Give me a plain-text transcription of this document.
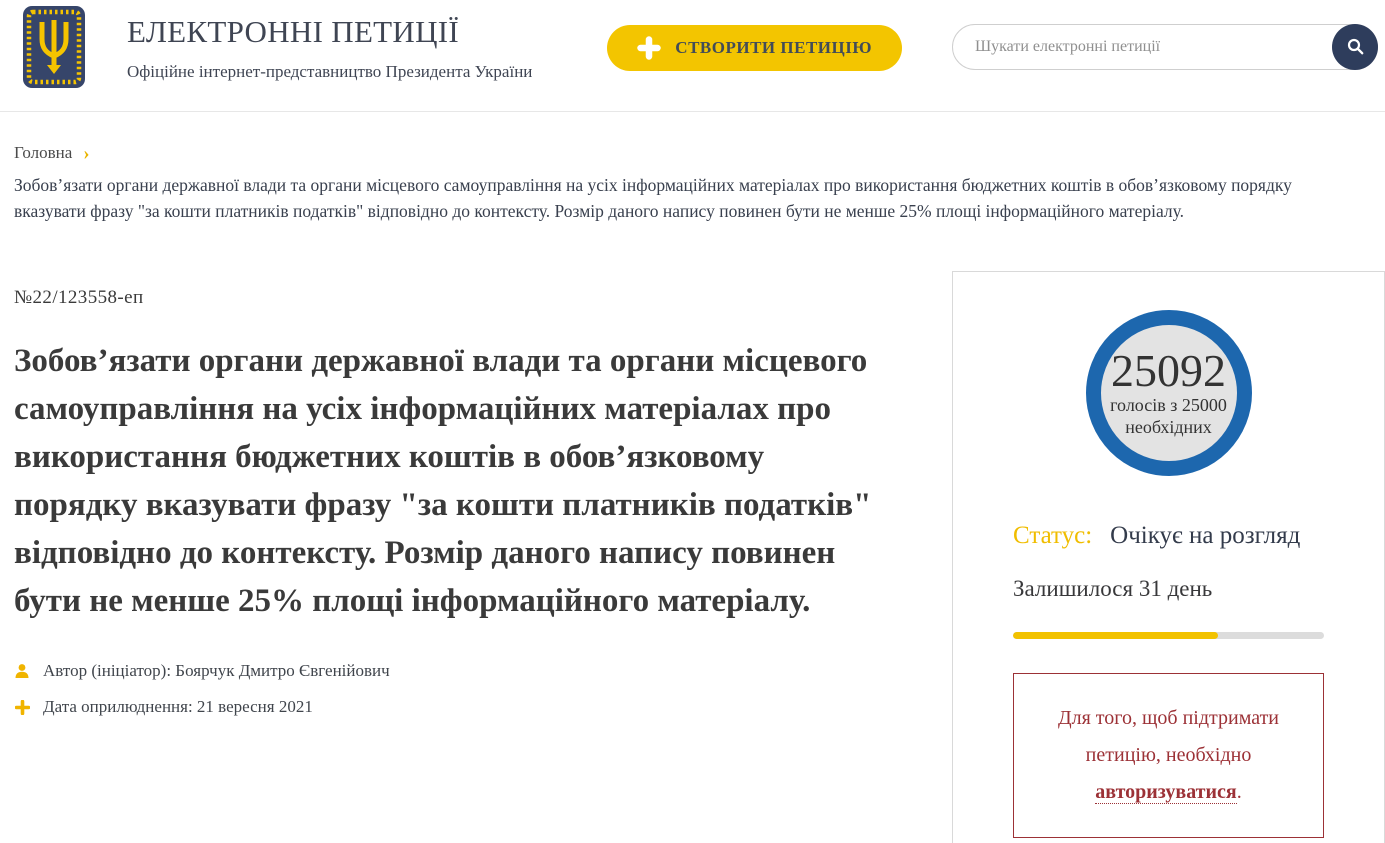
ЕЛЕКТРОННІ ПЕТИЦІЇ
Офіційне інтернет-представництво Президента України
СТВОРИТИ ПЕТИЦІЮ
Шукати електронні петиції
Головна ›
Зобов’язати органи державної влади та органи місцевого самоуправління на усіх інформаційних матеріалах про використання бюджетних коштів в обов’язковому порядку вказувати фразу "за кошти платників податків" відповідно до контексту. Розмір даного напису повинен бути не менше 25% площі інформаційного матеріалу.
№22/123558-еп
Зобов’язати органи державної влади та органи місцевого самоуправління на усіх інформаційних матеріалах про використання бюджетних коштів в обов’язковому порядку вказувати фразу "за кошти платників податків" відповідно до контексту. Розмір даного напису повинен бути не менше 25% площі інформаційного матеріалу.
Автор (ініціатор): Боярчук Дмитро Євгенійович
Дата оприлюднення: 21 вересня 2021
25092
голосів з 25000
необхідних
Статус: Очікує на розгляд
Залишилося 31 день
Для того, щоб підтримати петицію, необхідно авторизуватися.
